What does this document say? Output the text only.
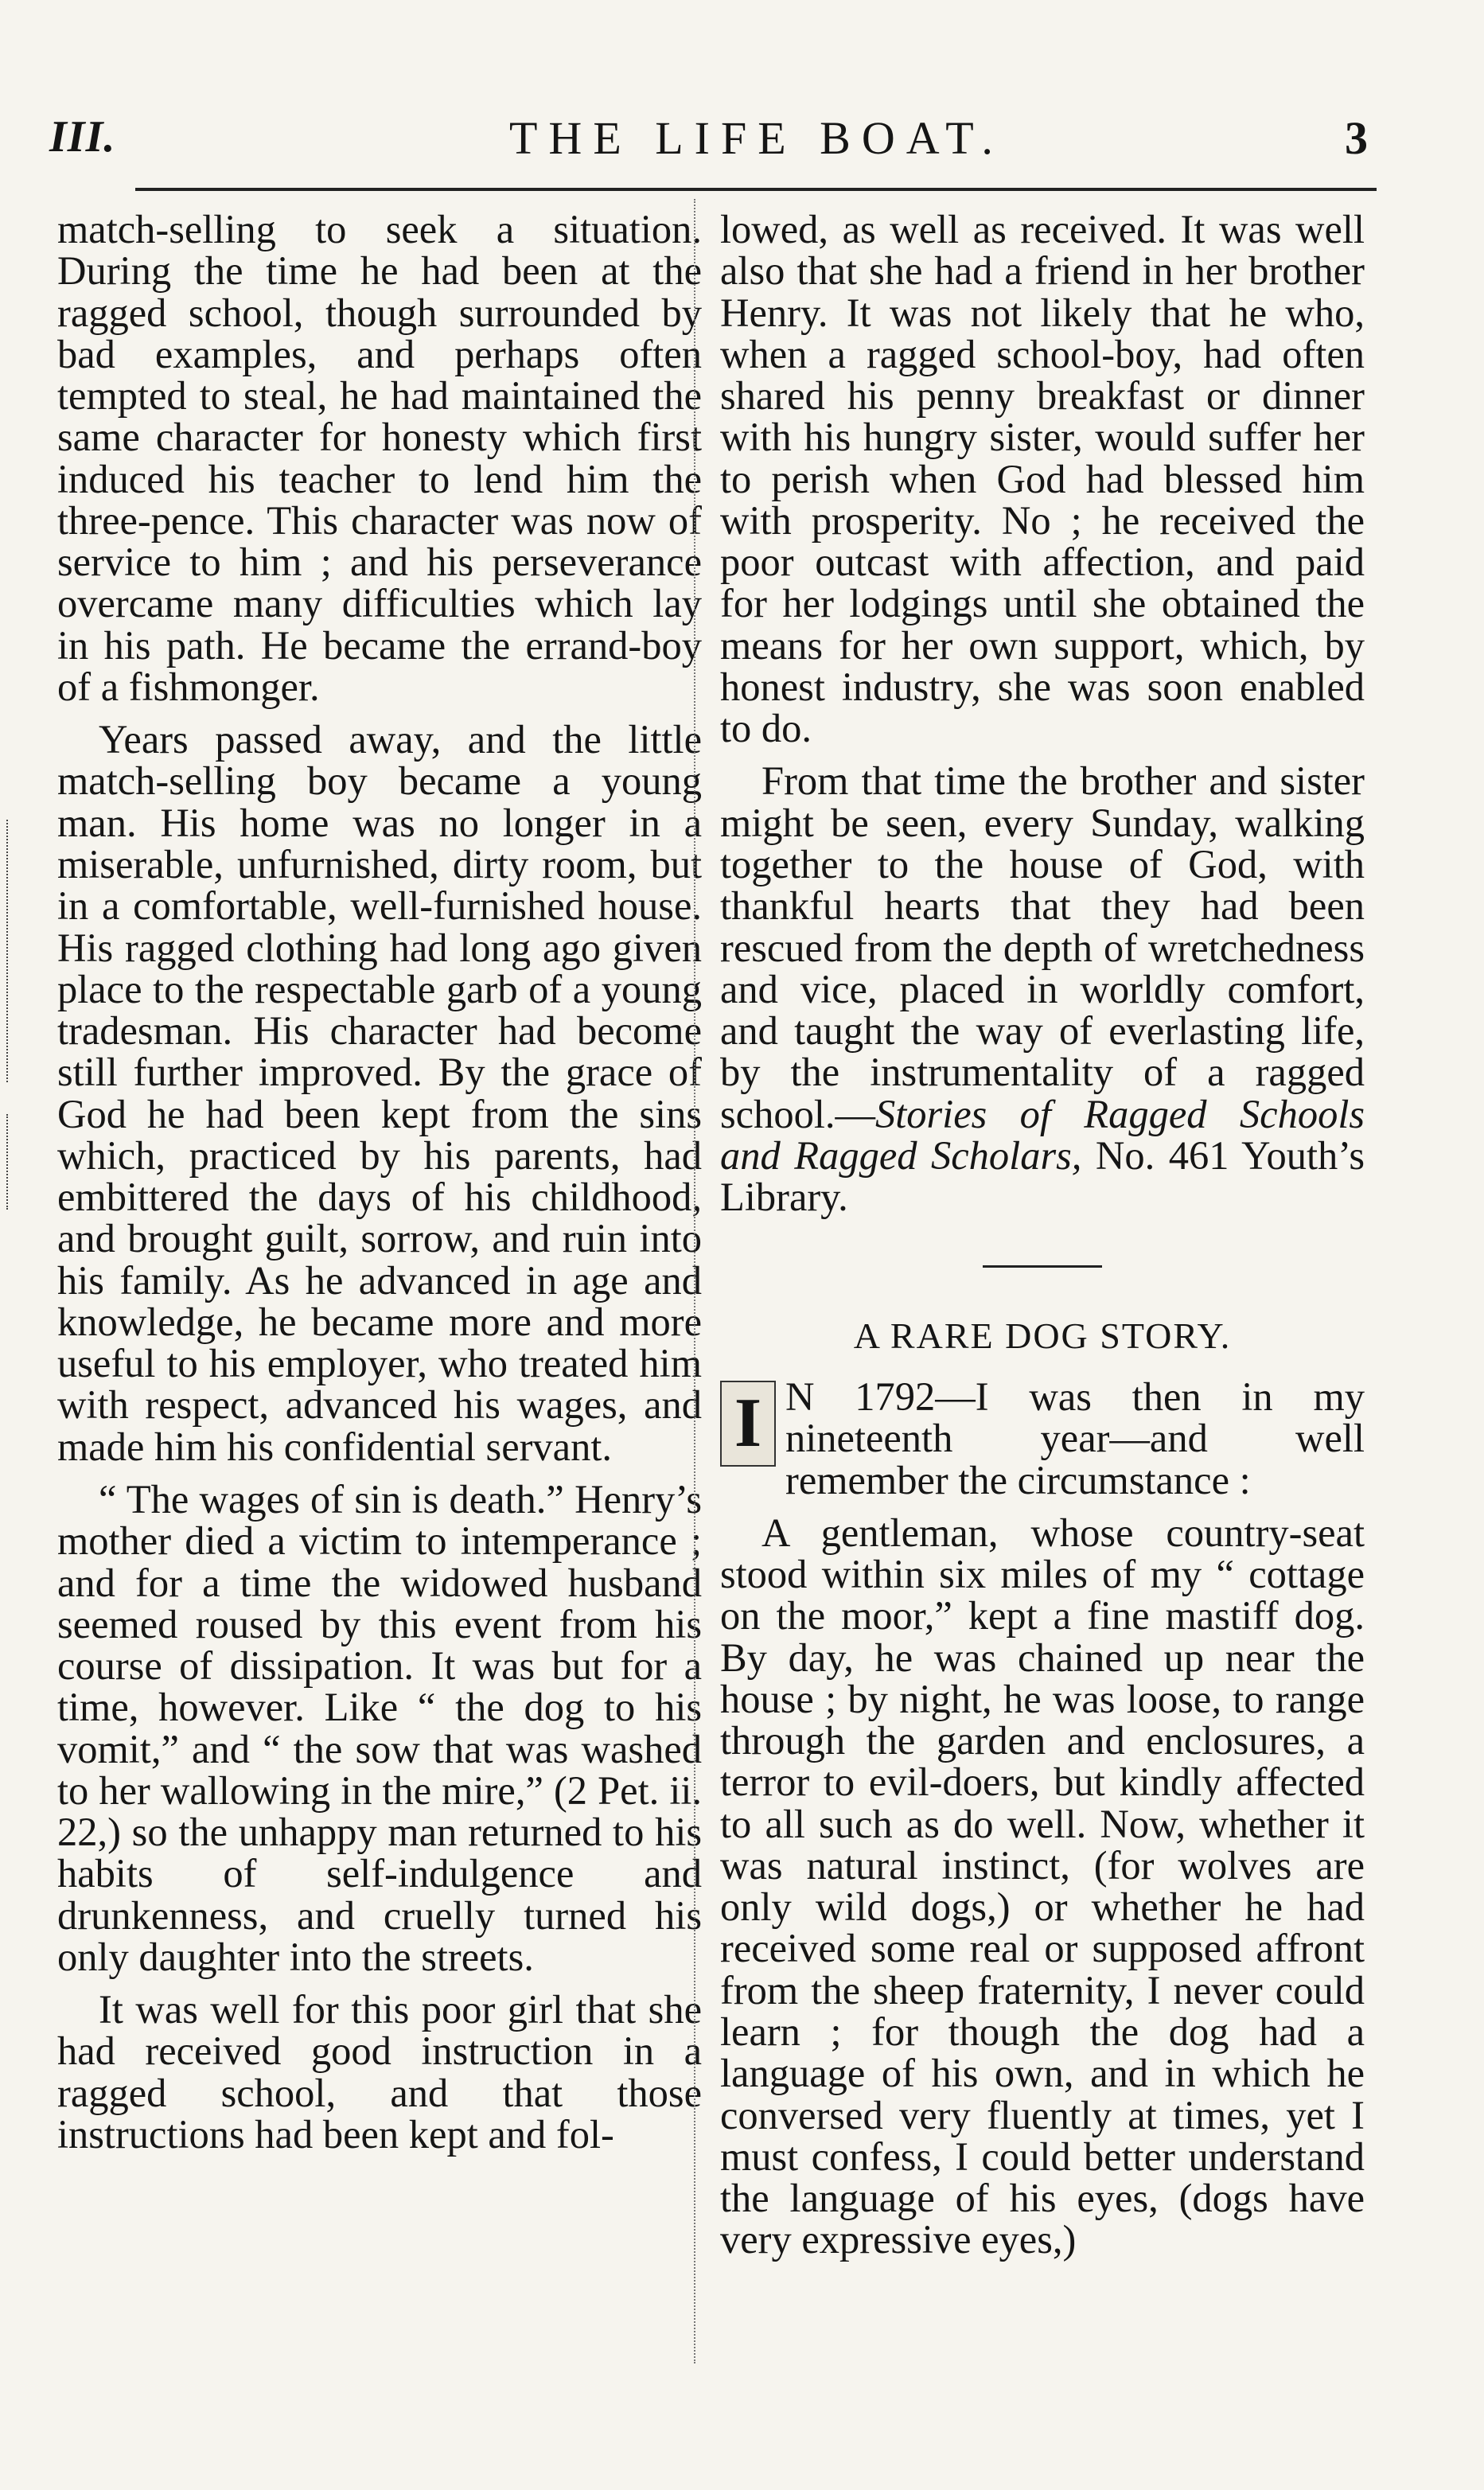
III.	THE LIFE BOAT.	3

match-selling to seek a situation. During the time he had been at the ragged school, though surrounded by bad examples, and perhaps often tempted to steal, he had maintained the same character for honesty which first induced his teacher to lend him the three-pence. This character was now of service to him ; and his perseverance overcame many difficulties which lay in his path. He became the errand-boy of a fishmonger.

Years passed away, and the little match-selling boy became a young man. His home was no longer in a miserable, unfurnished, dirty room, but in a comfortable, well-furnished house. His ragged clothing had long ago given place to the respectable garb of a young tradesman. His character had become still further improved. By the grace of God he had been kept from the sins which, practiced by his parents, had embittered the days of his childhood, and brought guilt, sorrow, and ruin into his family. As he advanced in age and knowledge, he became more and more useful to his employer, who treated him with respect, advanced his wages, and made him his confidential servant.

“ The wages of sin is death.” Henry’s mother died a victim to intemperance ; and for a time the widowed husband seemed roused by this event from his course of dissipation. It was but for a time, however. Like “ the dog to his vomit,” and “ the sow that was washed to her wallowing in the mire,” (2 Pet. ii. 22,) so the unhappy man returned to his habits of self-indulgence and drunkenness, and cruelly turned his only daughter into the streets.

It was well for this poor girl that she had received good instruction in a ragged school, and that those instructions had been kept and fol-

lowed, as well as received. It was well also that she had a friend in her brother Henry. It was not likely that he who, when a ragged school-boy, had often shared his penny breakfast or dinner with his hungry sister, would suffer her to perish when God had blessed him with prosperity. No ; he received the poor outcast with affection, and paid for her lodgings until she obtained the means for her own support, which, by honest industry, she was soon enabled to do.

From that time the brother and sister might be seen, every Sunday, walking together to the house of God, with thankful hearts that they had been rescued from the depth of wretchedness and vice, placed in worldly comfort, and taught the way of everlasting life, by the instrumentality of a ragged school.—Stories of Ragged Schools and Ragged Scholars, No. 461 Youth’s Library.

A RARE DOG STORY.

I N 1792—I was then in my nineteenth year—and well remember the circumstance :

A gentleman, whose country-seat stood within six miles of my “ cottage on the moor,” kept a fine mastiff dog. By day, he was chained up near the house ; by night, he was loose, to range through the garden and enclosures, a terror to evil-doers, but kindly affected to all such as do well. Now, whether it was natural instinct, (for wolves are only wild dogs,) or whether he had received some real or supposed affront from the sheep fraternity, I never could learn ; for though the dog had a language of his own, and in which he conversed very fluently at times, yet I must confess, I could better understand the language of his eyes, (dogs have very expressive eyes,)
